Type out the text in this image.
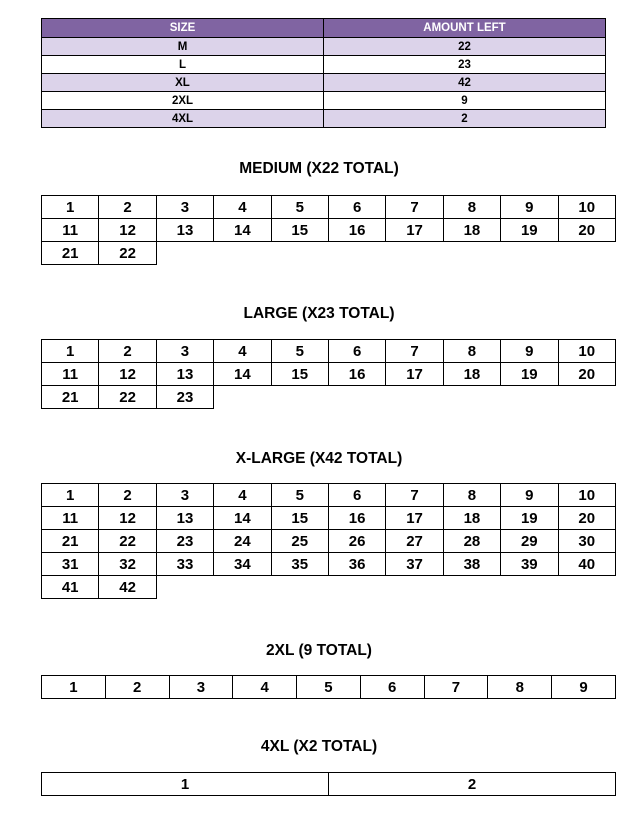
SIZE	AMOUNT LEFT
M	22
L	23
XL	42
2XL	9
4XL	2
MEDIUM (X22 TOTAL)
1	2	3	4	5	6	7	8	9	10
11	12	13	14	15	16	17	18	19	20
21	22								
LARGE (X23 TOTAL)
1	2	3	4	5	6	7	8	9	10
11	12	13	14	15	16	17	18	19	20
21	22	23							
X-LARGE (X42 TOTAL)
1	2	3	4	5	6	7	8	9	10
11	12	13	14	15	16	17	18	19	20
21	22	23	24	25	26	27	28	29	30
31	32	33	34	35	36	37	38	39	40
41	42								
2XL (9 TOTAL)
1	2	3	4	5	6	7	8	9
4XL (X2 TOTAL)
1	2
